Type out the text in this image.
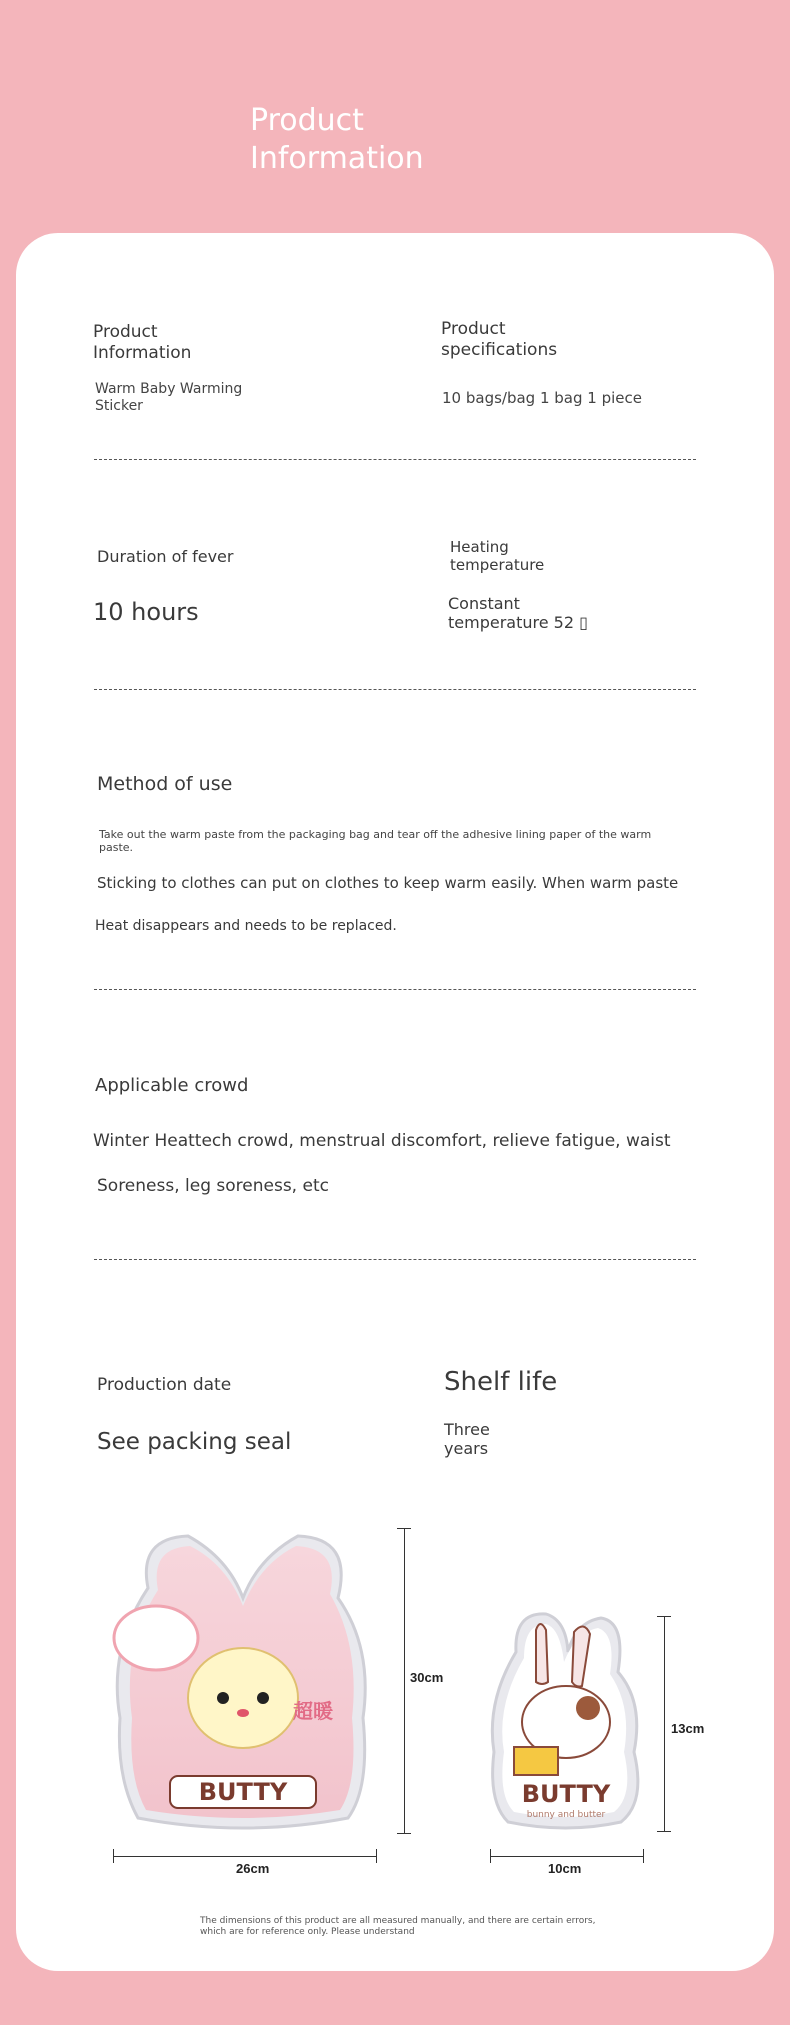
Product
Information
Product
Information
Warm Baby Warming
Sticker
Product
specifications
10 bags/bag 1 bag 1 piece
Duration of fever
10 hours
Heating
temperature
Constant
temperature 52 ▯
Method of use
Take out the warm paste from the packaging bag and tear off the adhesive lining paper of the warm paste.
Sticking to clothes can put on clothes to keep warm easily. When warm paste
Heat disappears and needs to be replaced.
Applicable crowd
Winter Heattech crowd, menstrual discomfort, relieve fatigue, waist
Soreness, leg soreness, etc
Production date
See packing seal
Shelf life
Three
years
BUTTY
超暖
30cm
26cm
BUTTY
bunny and butter
13cm
10cm
The dimensions of this product are all measured manually, and there are certain errors,
which are for reference only. Please understand
